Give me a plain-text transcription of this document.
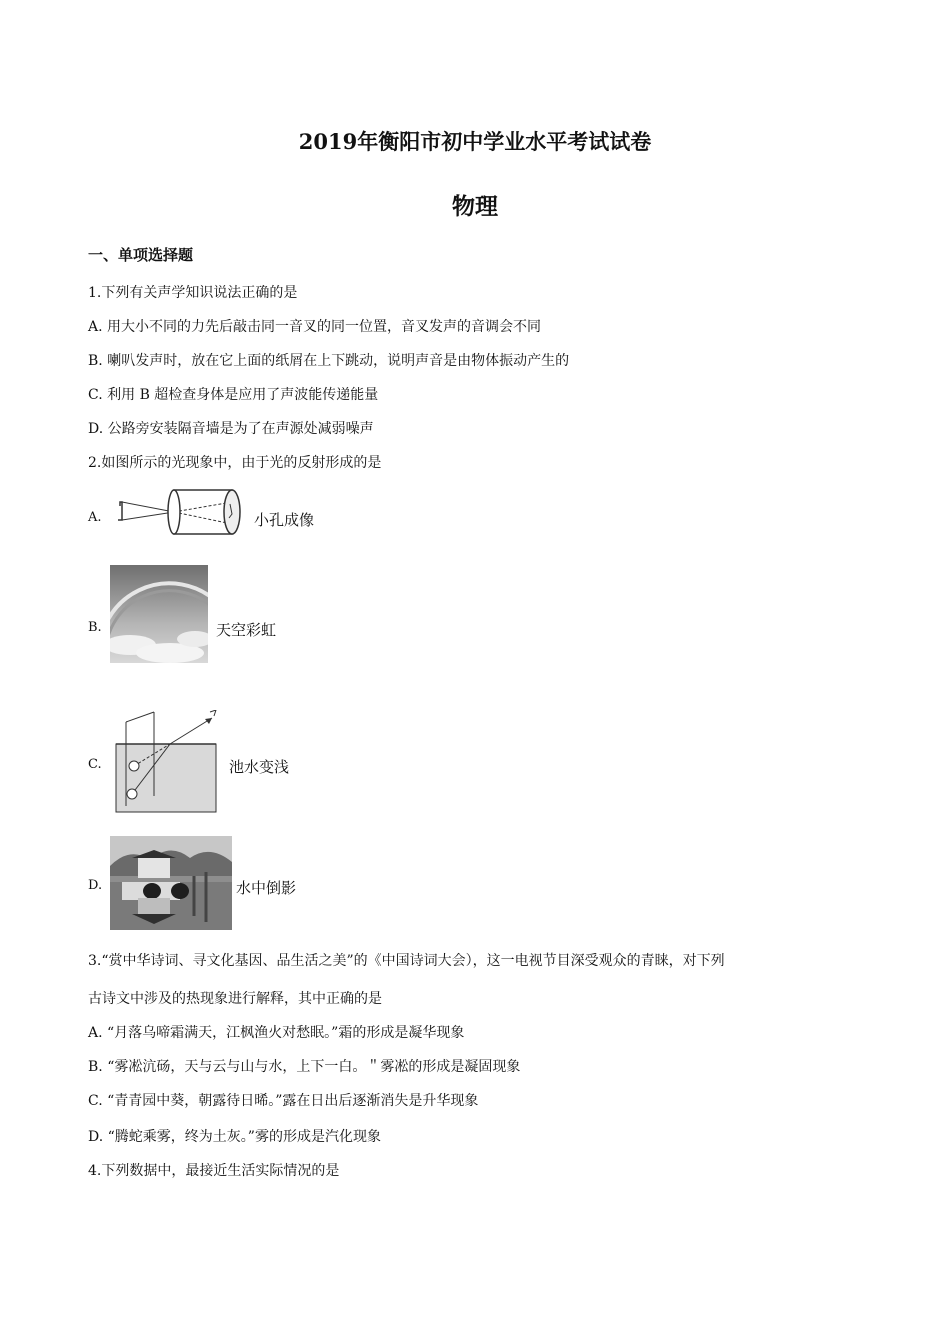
2019年衡阳市初中学业水平考试试卷
物理
一、单项选择题
1.下列有关声学知识说法正确的是
A. 用大小不同的力先后敲击同一音叉的同一位置，音叉发声的音调会不同
B. 喇叭发声时，放在它上面的纸屑在上下跳动，说明声音是由物体振动产生的
C. 利用 B 超检查身体是应用了声波能传递能量
D. 公路旁安装隔音墙是为了在声源处减弱噪声
2.如图所示的光现象中，由于光的反射形成的是
A.	小孔成像
B.	天空彩虹
C.	池水变浅
D.	水中倒影
3.“赏中华诗词、寻文化基因、品生活之美”的《中国诗词大会），这一电视节目深受观众的青睐，对下列
古诗文中涉及的热现象进行解释，其中正确的是
A. “月落乌啼霜满天，江枫渔火对愁眠。”霜的形成是凝华现象
B. “雾凇沆砀，天与云与山与水，上下一白。＂雾凇的形成是凝固现象
C. “青青园中葵，朝露待日晞。”露在日出后逐渐消失是升华现象
D. “腾蛇乘雾，终为土灰。”雾的形成是汽化现象
4.下列数据中，最接近生活实际情况的是
